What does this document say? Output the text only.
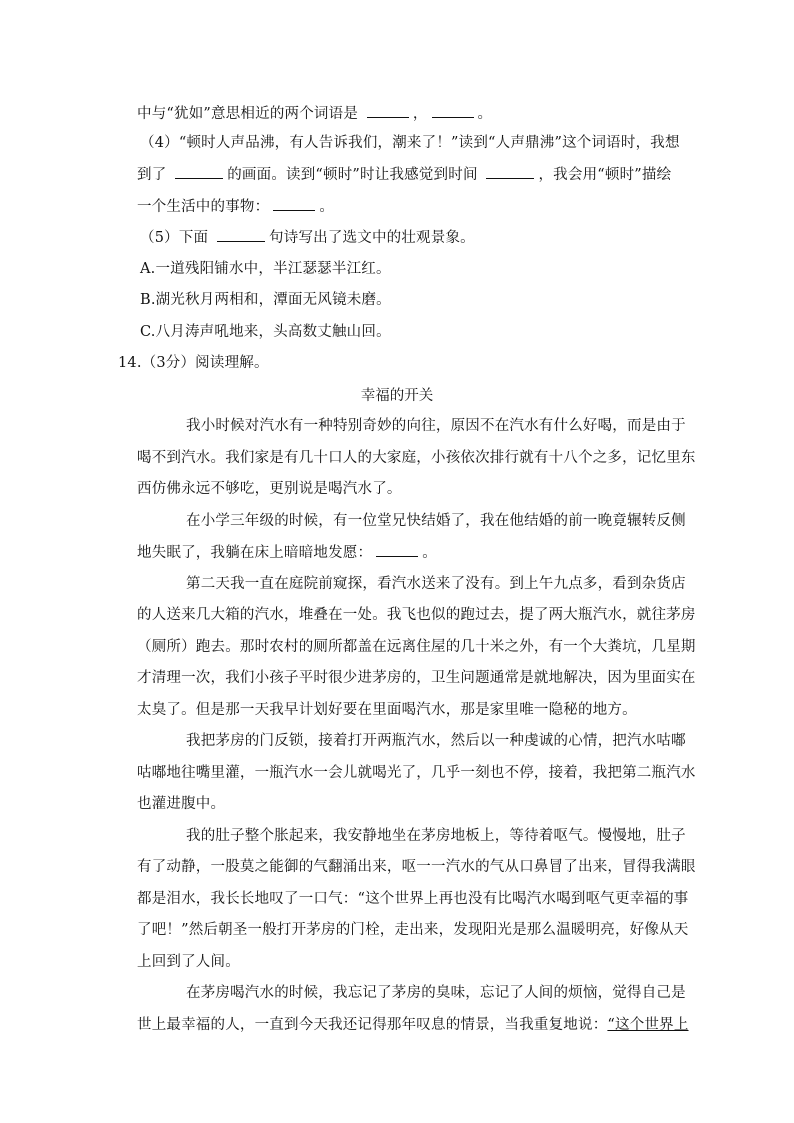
中与“犹如”意思相近的两个词语是	，	。
（4）“顿时人声品沸，有人告诉我们，潮来了！”读到“人声鼎沸”这个词语时，我想
到了	的画面。读到“顿时”时让我感觉到时间	，我会用“顿时”描绘
一个生活中的事物：	。
（5）下面	句诗写出了选文中的壮观景象。
A.一道残阳铺水中，半江瑟瑟半江红。
B.湖光秋月两相和，潭面无风镜未磨。
C.八月涛声吼地来，头高数丈触山回。
14.（3分）阅读理解。
幸福的开关
我小时候对汽水有一种特别奇妙的向往，原因不在汽水有什么好喝，而是由于
喝不到汽水。我们家是有几十口人的大家庭，小孩依次排行就有十八个之多，记忆里东
西仿佛永远不够吃，更别说是喝汽水了。
在小学三年级的时候，有一位堂兄快结婚了，我在他结婚的前一晚竟辗转反侧
地失眠了，我躺在床上暗暗地发愿：	。
第二天我一直在庭院前窥探，看汽水送来了没有。到上午九点多，看到杂货店
的人送来几大箱的汽水，堆叠在一处。我飞也似的跑过去，提了两大瓶汽水，就往茅房
（厕所）跑去。那时农村的厕所都盖在远离住屋的几十米之外，有一个大粪坑，几星期
才清理一次，我们小孩子平时很少进茅房的，卫生问题通常是就地解决，因为里面实在
太臭了。但是那一天我早计划好要在里面喝汽水，那是家里唯一隐秘的地方。
我把茅房的门反锁，接着打开两瓶汽水，然后以一种虔诚的心情，把汽水咕嘟
咕嘟地往嘴里灌，一瓶汽水一会儿就喝光了，几乎一刻也不停，接着，我把第二瓶汽水
也灌进腹中。
我的肚子整个胀起来，我安静地坐在茅房地板上，等待着呕气。慢慢地，肚子
有了动静，一股莫之能御的气翻涌出来，呕一一汽水的气从口鼻冒了出来，冒得我满眼
都是泪水，我长长地叹了一口气：“这个世界上再也没有比喝汽水喝到呕气更幸福的事
了吧！”然后朝圣一般打开茅房的门栓，走出来，发现阳光是那么温暖明亮，好像从天
上回到了人间。
在茅房喝汽水的时候，我忘记了茅房的臭味，忘记了人间的烦恼，觉得自己是
世上最幸福的人，一直到今天我还记得那年叹息的情景，当我重复地说：“这个世界上
